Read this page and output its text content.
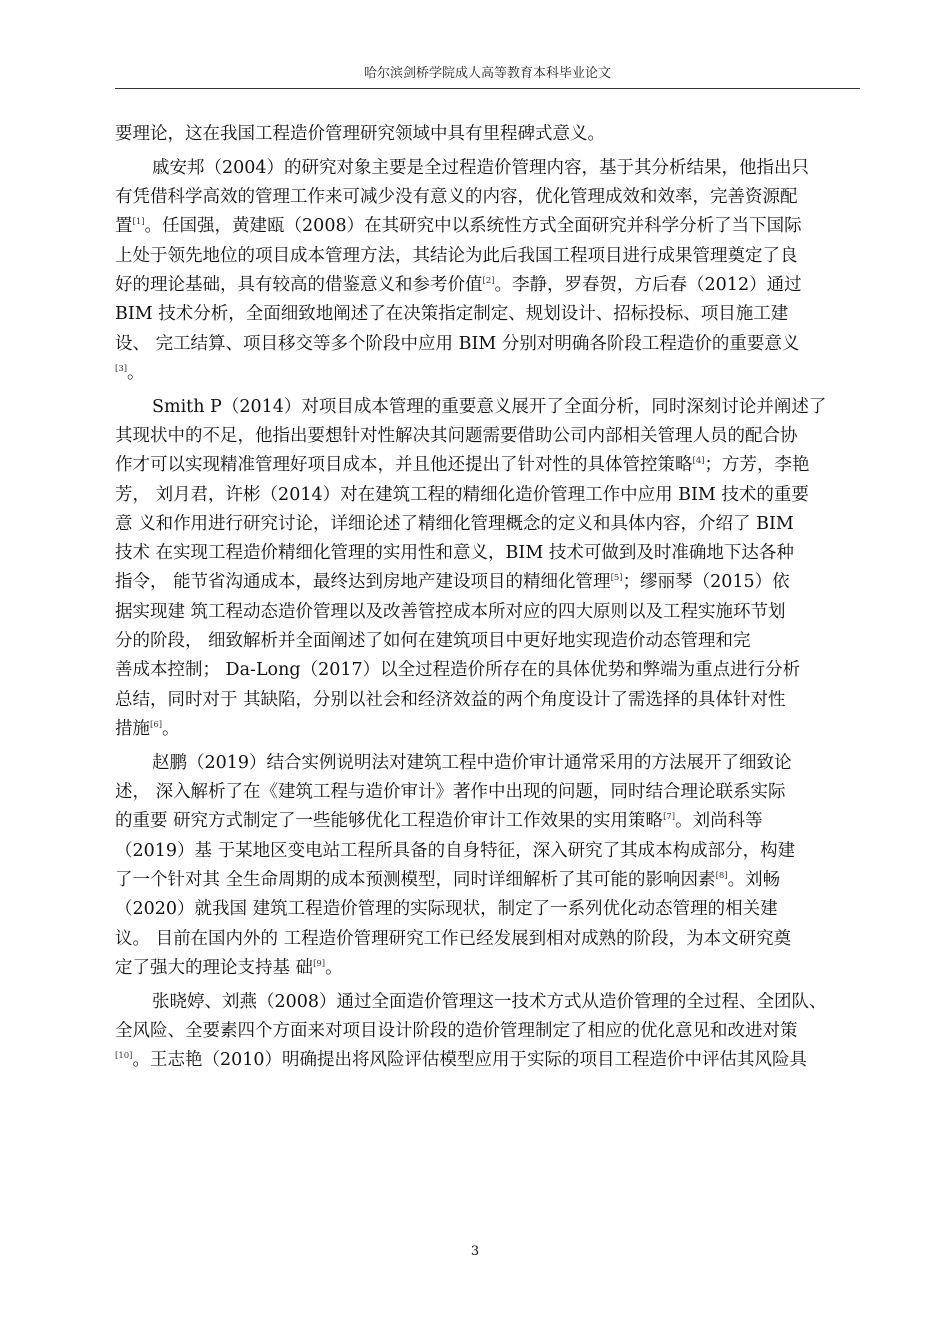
哈尔滨剑桥学院成人高等教育本科毕业论文
要理论，这在我国工程造价管理研究领域中具有里程碑式意义。
戚安邦（2004）的研究对象主要是全过程造价管理内容，基于其分析结果，他指出只
有凭借科学高效的管理工作来可减少没有意义的内容，优化管理成效和效率，完善资源配
置[1]。任国强，黄建瓯（2008）在其研究中以系统性方式全面研究并科学分析了当下国际
上处于领先地位的项目成本管理方法，其结论为此后我国工程项目进行成果管理奠定了良
好的理论基础，具有较高的借鉴意义和参考价值[2]。李静，罗春贺，方后春（2012）通过
BIM 技术分析，全面细致地阐述了在决策指定制定、规划设计、招标投标、项目施工建
设、 完工结算、项目移交等多个阶段中应用 BIM 分别对明确各阶段工程造价的重要意义
[3]。
Smith P（2014）对项目成本管理的重要意义展开了全面分析，同时深刻讨论并阐述了
其现状中的不足，他指出要想针对性解决其问题需要借助公司内部相关管理人员的配合协
作才可以实现精准管理好项目成本，并且他还提出了针对性的具体管控策略[4]；方芳，李艳
芳， 刘月君，许彬（2014）对在建筑工程的精细化造价管理工作中应用 BIM 技术的重要
意 义和作用进行研究讨论，详细论述了精细化管理概念的定义和具体内容，介绍了 BIM
技术 在实现工程造价精细化管理的实用性和意义，BIM 技术可做到及时准确地下达各种
指令， 能节省沟通成本，最终达到房地产建设项目的精细化管理[5]；缪丽琴（2015）依
据实现建 筑工程动态造价管理以及改善管控成本所对应的四大原则以及工程实施环节划
分的阶段， 细致解析并全面阐述了如何在建筑项目中更好地实现造价动态管理和完
善成本控制； Da-Long（2017）以全过程造价所存在的具体优势和弊端为重点进行分析
总结，同时对于 其缺陷，分别以社会和经济效益的两个角度设计了需选择的具体针对性
措施[6]。
赵鹏（2019）结合实例说明法对建筑工程中造价审计通常采用的方法展开了细致论
述， 深入解析了在《建筑工程与造价审计》著作中出现的问题，同时结合理论联系实际
的重要 研究方式制定了一些能够优化工程造价审计工作效果的实用策略[7]。刘尚科等
（2019）基 于某地区变电站工程所具备的自身特征，深入研究了其成本构成部分，构建
了一个针对其 全生命周期的成本预测模型，同时详细解析了其可能的影响因素[8]。刘畅
（2020）就我国 建筑工程造价管理的实际现状，制定了一系列优化动态管理的相关建
议。 目前在国内外的 工程造价管理研究工作已经发展到相对成熟的阶段，为本文研究奠
定了强大的理论支持基 础[9]。
张晓婷、刘燕（2008）通过全面造价管理这一技术方式从造价管理的全过程、全团队、
全风险、全要素四个方面来对项目设计阶段的造价管理制定了相应的优化意见和改进对策
[10]。王志艳（2010）明确提出将风险评估模型应用于实际的项目工程造价中评估其风险具
3
